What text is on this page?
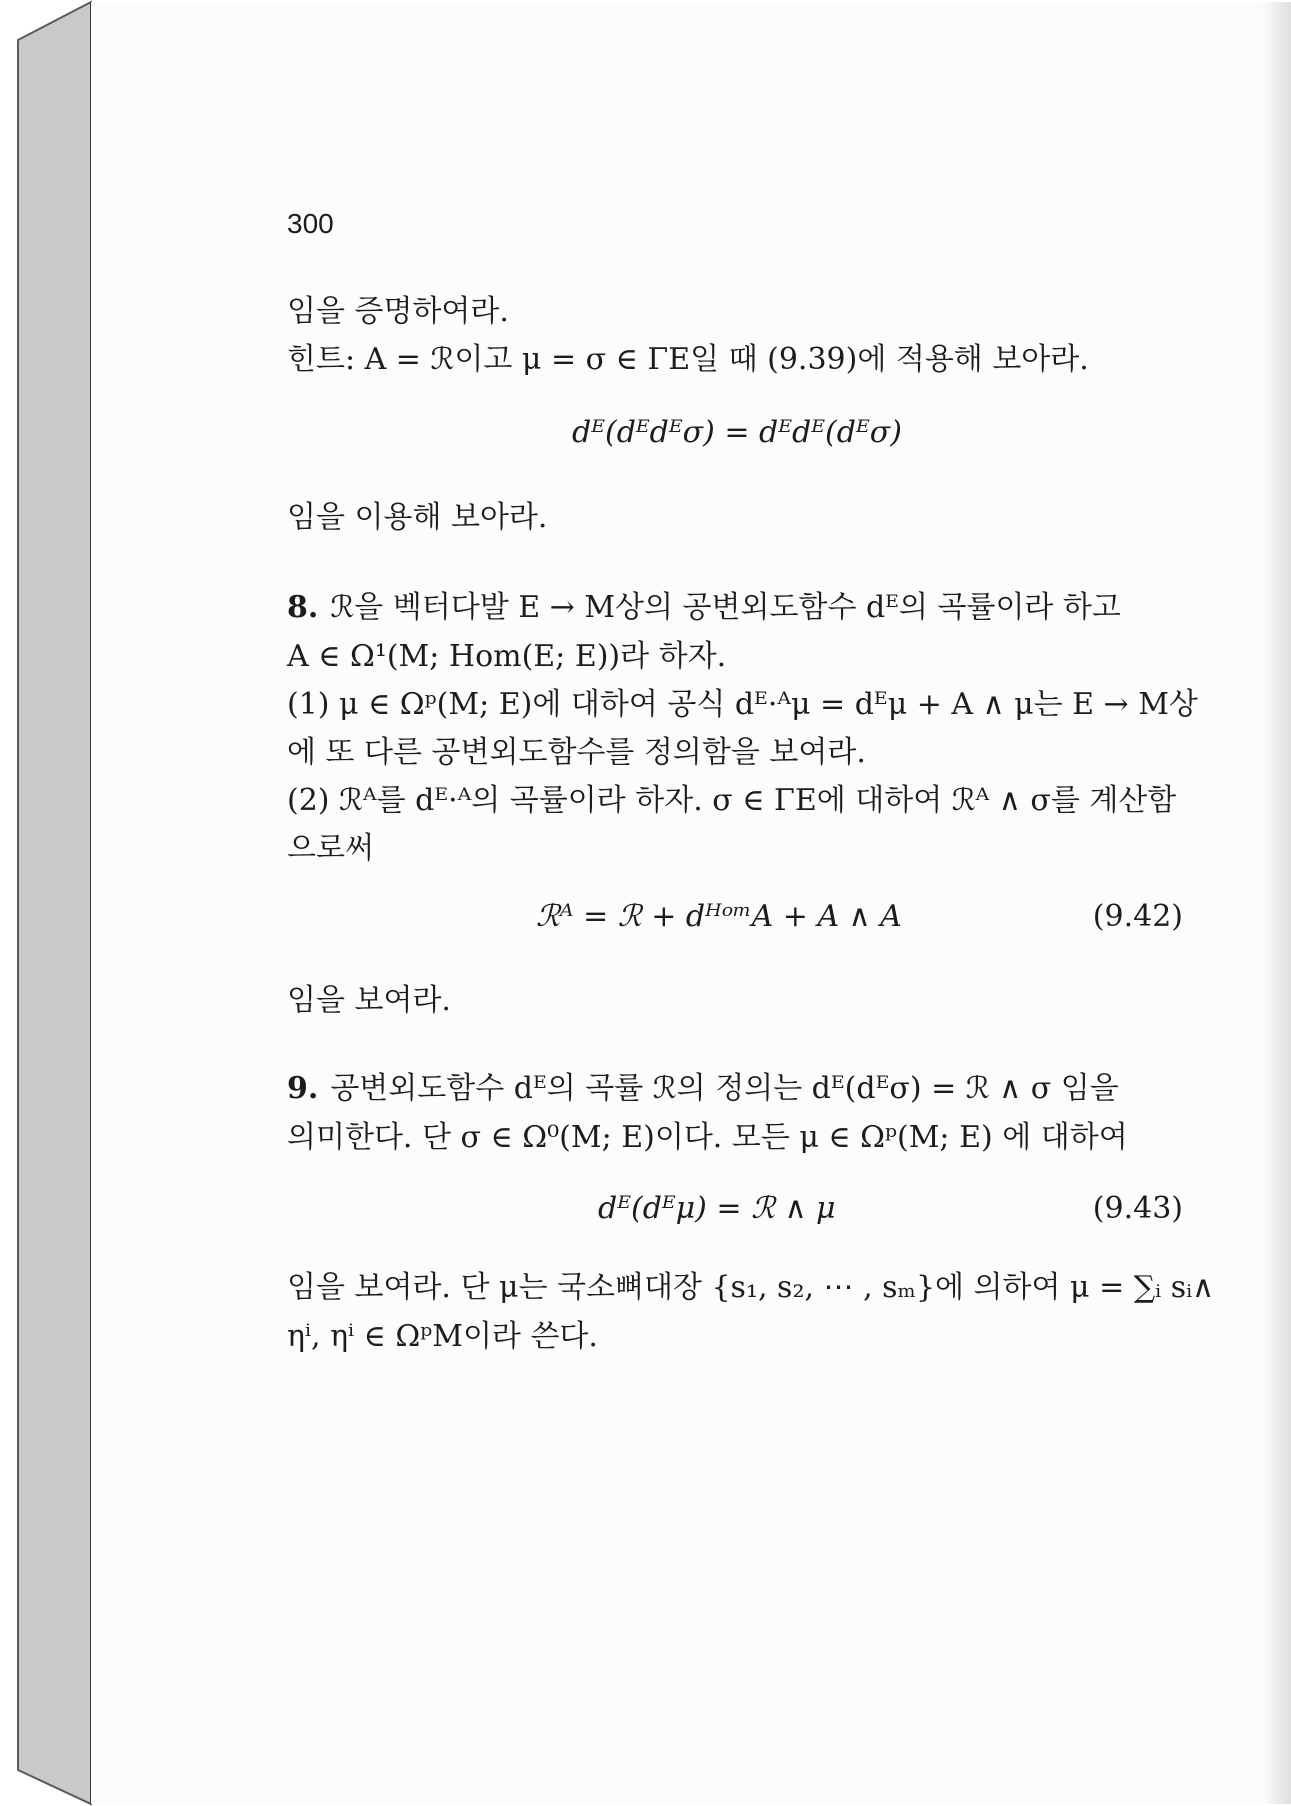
300
임을 증명하여라.
힌트: A = ℛ이고 μ = σ ∈ ΓE일 때 (9.39)에 적용해 보아라.
dᴱ(dᴱdᴱσ) = dᴱdᴱ(dᴱσ)
임을 이용해 보아라.
8. ℛ을 벡터다발 E → M상의 공변외도함수 dᴱ의 곡률이라 하고
A ∈ Ω¹(M; Hom(E; E))라 하자.
(1) μ ∈ Ωᵖ(M; E)에 대하여 공식 dᴱ·ᴬμ = dᴱμ + A ∧ μ는 E → M상
에 또 다른 공변외도함수를 정의함을 보여라.
(2) ℛᴬ를 dᴱ·ᴬ의 곡률이라 하자. σ ∈ ΓE에 대하여 ℛᴬ ∧ σ를 계산함
으로써
ℛᴬ = ℛ + dᴴᵒᵐA + A ∧ A	(9.42)
임을 보여라.
9. 공변외도함수 dᴱ의 곡률 ℛ의 정의는 dᴱ(dᴱσ) = ℛ ∧ σ 임을
의미한다. 단 σ ∈ Ω⁰(M; E)이다. 모든 μ ∈ Ωᵖ(M; E) 에 대하여
dᴱ(dᴱμ) = ℛ ∧ μ	(9.43)
임을 보여라. 단 μ는 국소뼈대장 {s₁, s₂, ⋯ , sₘ}에 의하여 μ = ∑ᵢ sᵢ∧
ηⁱ, ηⁱ ∈ ΩᵖM이라 쓴다.
